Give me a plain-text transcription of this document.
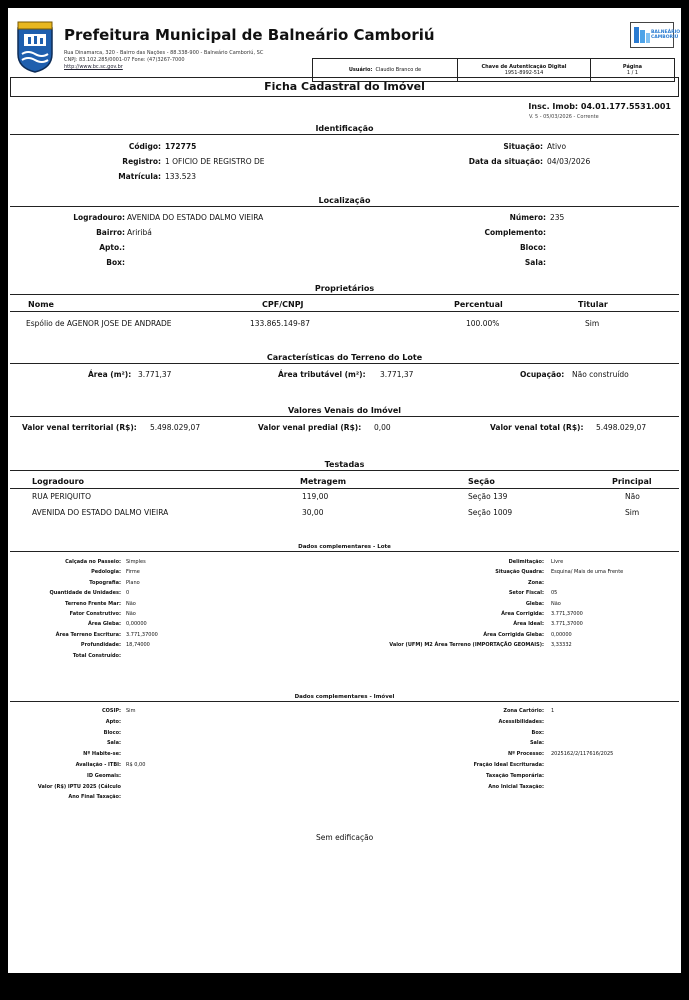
Prefeitura Municipal de Balneário Camboriú
Rua Dinamarca, 320 - Bairro das Nações - 88.338-900 - Balneário Camboriú, SC
CNPJ: 83.102.285/0001-07 Fone: (47)3267-7000
http://www.bc.sc.gov.br
BALNEÁRIO CAMBORIÚ
Usuário: Claudio Branco de	Chave de Autenticação Digital
1951-8992-514
Página
1 / 1
Ficha Cadastral do Imóvel
Insc. Imob: 04.01.177.5531.001
V. 5 - 05/03/2026 - Corrente
Identificação
Código: 172775
Registro: 1 OFICIO DE REGISTRO DE
Matrícula: 133.523
Situação: Ativo
Data da situação: 04/03/2026
Localização
Logradouro: AVENIDA DO ESTADO DALMO VIEIRA
Bairro: Ariribá
Apto.:
Box:
Número: 235
Complemento:
Bloco:
Sala:
Proprietários
Nome	CPF/CNPJ	Percentual	Titular
Espólio de AGENOR JOSE DE ANDRADE	133.865.149-87	100.00%	Sim
Características do Terreno do Lote
Área (m²): 3.771,37	Área tributável (m²): 3.771,37	Ocupação: Não construído
Valores Venais do Imóvel
Valor venal territorial (R$): 5.498.029,07	Valor venal predial (R$): 0,00	Valor venal total (R$): 5.498.029,07
Testadas
Logradouro	Metragem	Seção	Principal
RUA PERIQUITO	119,00	Seção 139	Não
AVENIDA DO ESTADO DALMO VIEIRA	30,00	Seção 1009	Sim
Dados complementares - Lote
Calçada no Passeio: Simples
Pedologia: Firme
Topografia: Plano
Quantidade de Unidades: 0
Terreno Frente Mar: Não
Fator Construtivo: Não
Área Gleba: 0,00000
Área Terreno Escritura: 3.771,37000
Profundidade: 18,74000
Total Construído:
Delimitação: Livre
Situação Quadra: Esquina/ Mais de uma Frente
Zona:
Setor Fiscal: 05
Gleba: Não
Área Corrigida: 3.771,37000
Área Ideal: 3.771,37000
Área Corrigida Gleba: 0,00000
Valor (UFM) M2 Área Terreno (IMPORTAÇÃO GEOMAIS): 3,33332
Dados complementares - Imóvel
COSIP: Sim
Apto:
Bloco:
Sala:
Nº Habite-se:
Avaliação - ITBI: R$ 0,00
ID Geomais:
Valor (R$) IPTU 2025 (Cálculo
Ano Final Taxação:
Zona Cartório: 1
Acessibilidades:
Box:
Sala:
Nº Processo: 2025162/2/117616/2025
Fração Ideal Escriturada:
Taxação Temporária:
Ano Inicial Taxação:
Sem edificação
